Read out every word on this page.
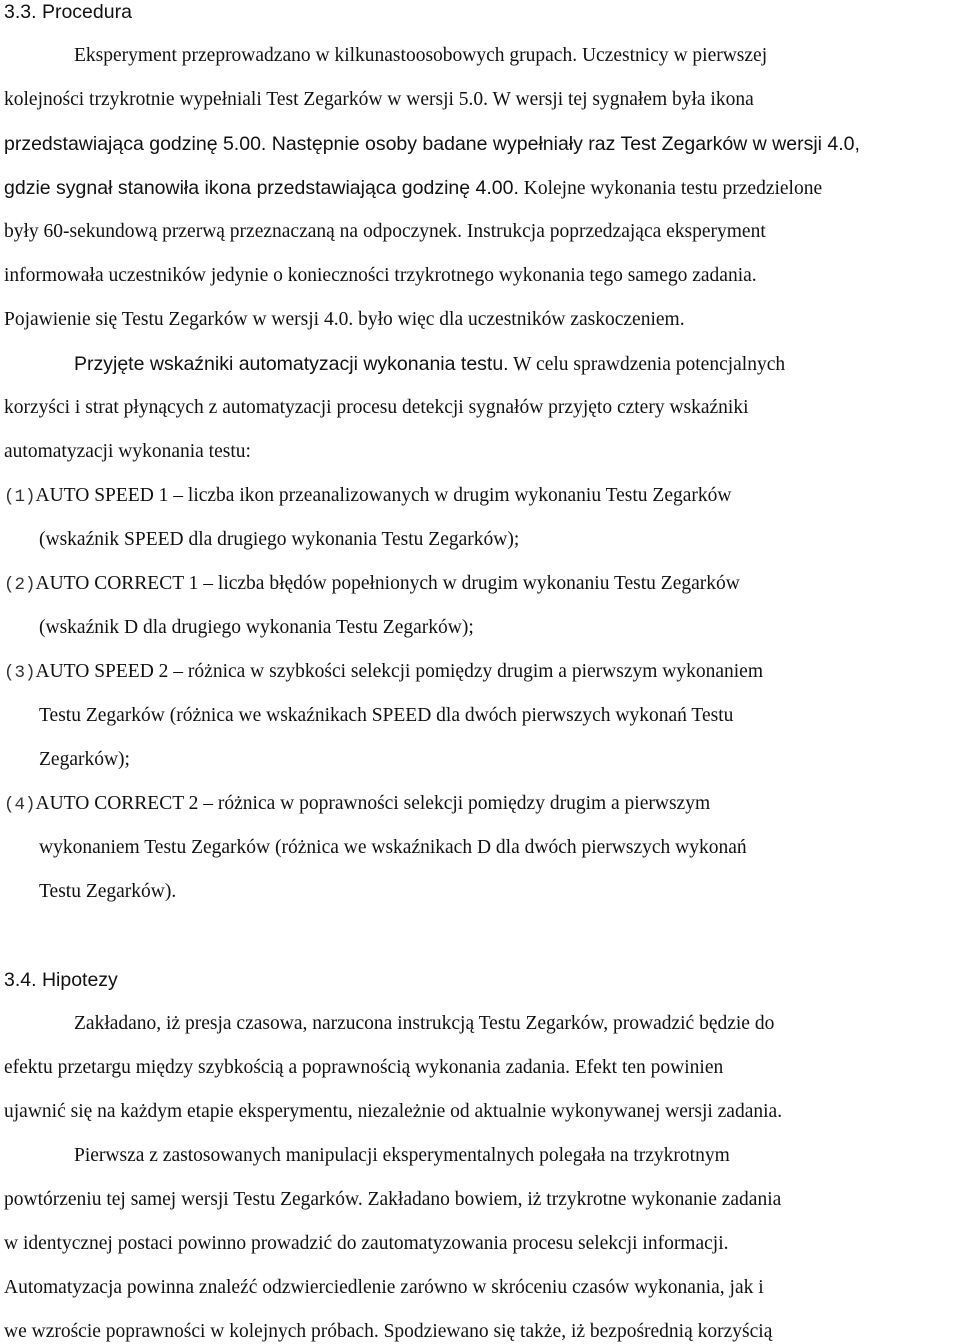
3.3. Procedura
Eksperyment przeprowadzano w kilkunastoosobowych grupach. Uczestnicy w pierwszej
kolejności trzykrotnie wypełniali Test Zegarków w wersji 5.0. W wersji tej sygnałem była ikona
przedstawiająca godzinę 5.00. Następnie osoby badane wypełniały raz Test Zegarków w wersji 4.0,
gdzie sygnał stanowiła ikona przedstawiająca godzinę 4.00. Kolejne wykonania testu przedzielone
były 60-sekundową przerwą przeznaczaną na odpoczynek. Instrukcja poprzedzająca eksperyment
informowała uczestników jedynie o konieczności trzykrotnego wykonania tego samego zadania.
Pojawienie się Testu Zegarków w wersji 4.0. było więc dla uczestników zaskoczeniem.
Przyjęte wskaźniki automatyzacji wykonania testu. W celu sprawdzenia potencjalnych
korzyści i strat płynących z automatyzacji procesu detekcji sygnałów przyjęto cztery wskaźniki
automatyzacji wykonania testu:
(1)AUTO SPEED 1 – liczba ikon przeanalizowanych w drugim wykonaniu Testu Zegarków
(wskaźnik SPEED dla drugiego wykonania Testu Zegarków);
(2)AUTO CORRECT 1 – liczba błędów popełnionych w drugim wykonaniu Testu Zegarków
(wskaźnik D dla drugiego wykonania Testu Zegarków);
(3)AUTO SPEED 2 – różnica w szybkości selekcji pomiędzy drugim a pierwszym wykonaniem
Testu Zegarków (różnica we wskaźnikach SPEED dla dwóch pierwszych wykonań Testu
Zegarków);
(4)AUTO CORRECT 2 – różnica w poprawności selekcji pomiędzy drugim a pierwszym
wykonaniem Testu Zegarków (różnica we wskaźnikach D dla dwóch pierwszych wykonań
Testu Zegarków).
3.4. Hipotezy
Zakładano, iż presja czasowa, narzucona instrukcją Testu Zegarków, prowadzić będzie do
efektu przetargu między szybkością a poprawnością wykonania zadania. Efekt ten powinien
ujawnić się na każdym etapie eksperymentu, niezależnie od aktualnie wykonywanej wersji zadania.
Pierwsza z zastosowanych manipulacji eksperymentalnych polegała na trzykrotnym
powtórzeniu tej samej wersji Testu Zegarków. Zakładano bowiem, iż trzykrotne wykonanie zadania
w identycznej postaci powinno prowadzić do zautomatyzowania procesu selekcji informacji.
Automatyzacja powinna znaleźć odzwierciedlenie zarówno w skróceniu czasów wykonania, jak i
we wzroście poprawności w kolejnych próbach. Spodziewano się także, iż bezpośrednią korzyścią
